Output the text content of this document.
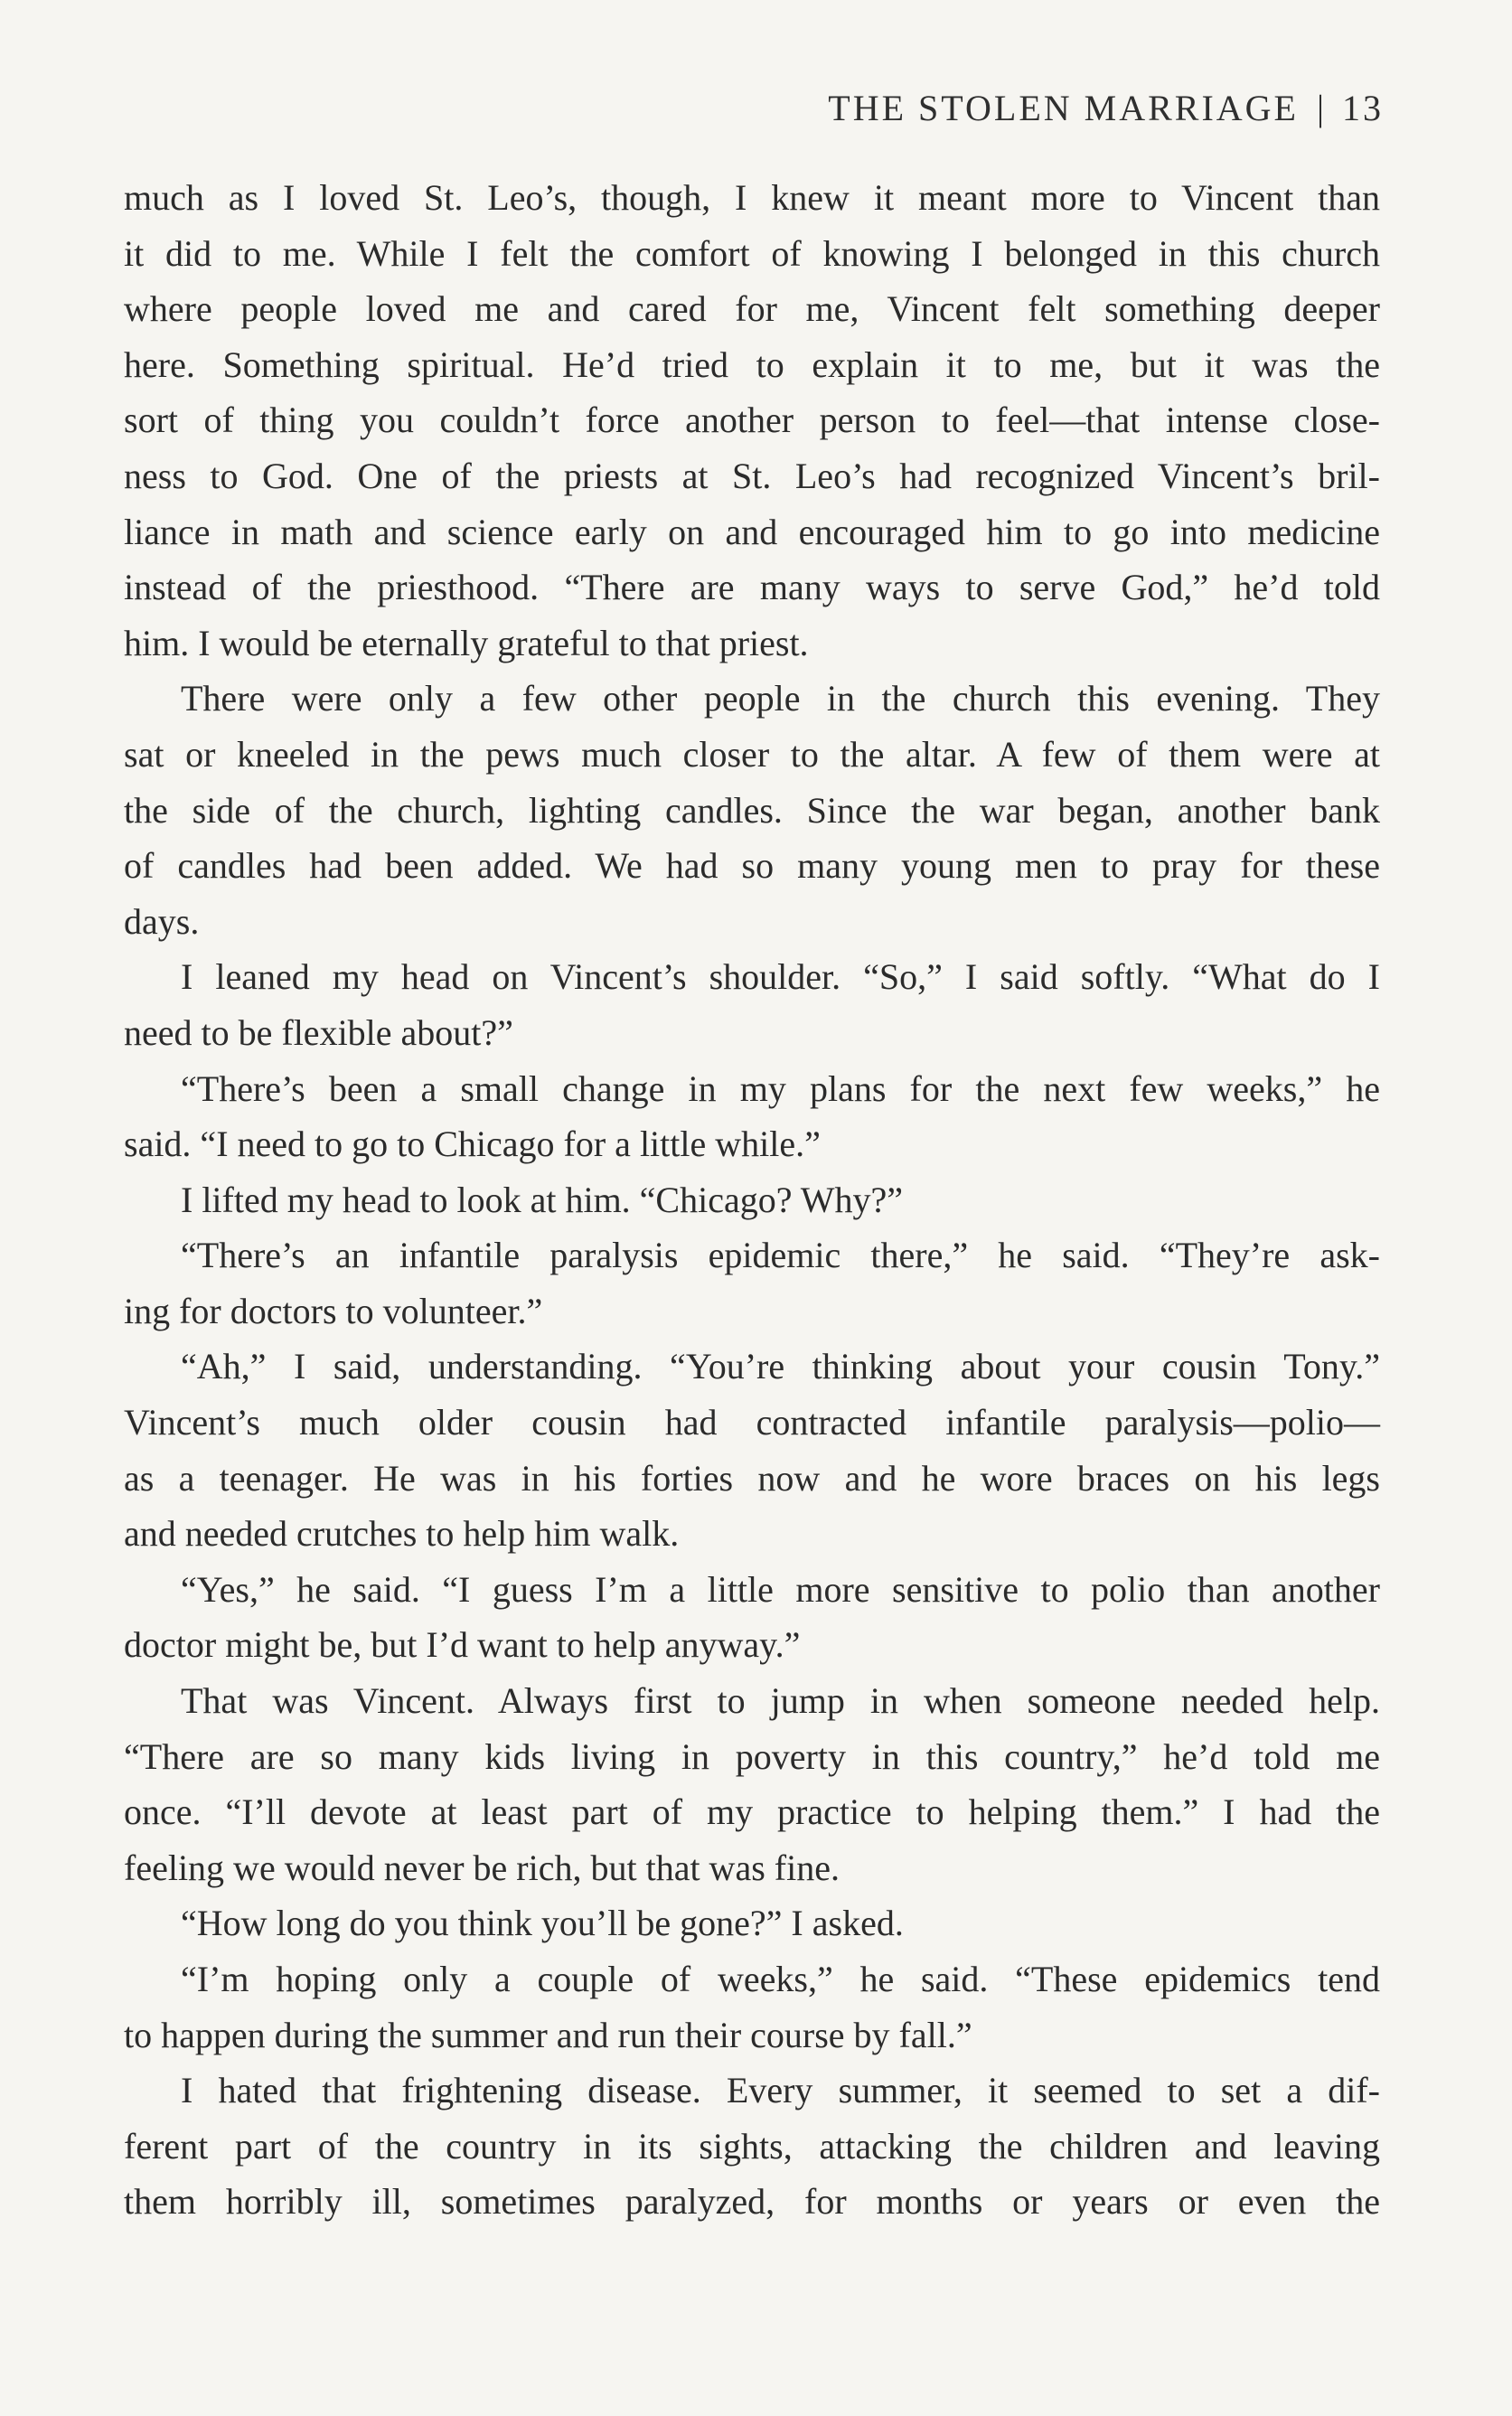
THE STOLEN MARRIAGE | 13
much as I loved St. Leo’s, though, I knew it meant more to Vincent than
it did to me. While I felt the comfort of knowing I belonged in this church
where people loved me and cared for me, Vincent felt something deeper
here. Something spiritual. He’d tried to explain it to me, but it was the
sort of thing you couldn’t force another person to feel—that intense close-
ness to God. One of the priests at St. Leo’s had recognized Vincent’s bril-
liance in math and science early on and encouraged him to go into medicine
instead of the priesthood. “There are many ways to serve God,” he’d told
him. I would be eternally grateful to that priest.
There were only a few other people in the church this evening. They
sat or kneeled in the pews much closer to the altar. A few of them were at
the side of the church, lighting candles. Since the war began, another bank
of candles had been added. We had so many young men to pray for these
days.
I leaned my head on Vincent’s shoulder. “So,” I said softly. “What do I
need to be flexible about?”
“There’s been a small change in my plans for the next few weeks,” he
said. “I need to go to Chicago for a little while.”
I lifted my head to look at him. “Chicago? Why?”
“There’s an infantile paralysis epidemic there,” he said. “They’re ask-
ing for doctors to volunteer.”
“Ah,” I said, understanding. “You’re thinking about your cousin Tony.”
Vincent’s much older cousin had contracted infantile paralysis—polio—
as a teenager. He was in his forties now and he wore braces on his legs
and needed crutches to help him walk.
“Yes,” he said. “I guess I’m a little more sensitive to polio than another
doctor might be, but I’d want to help anyway.”
That was Vincent. Always first to jump in when someone needed help.
“There are so many kids living in poverty in this country,” he’d told me
once. “I’ll devote at least part of my practice to helping them.” I had the
feeling we would never be rich, but that was fine.
“How long do you think you’ll be gone?” I asked.
“I’m hoping only a couple of weeks,” he said. “These epidemics tend
to happen during the summer and run their course by fall.”
I hated that frightening disease. Every summer, it seemed to set a dif-
ferent part of the country in its sights, attacking the children and leaving
them horribly ill, sometimes paralyzed, for months or years or even the
